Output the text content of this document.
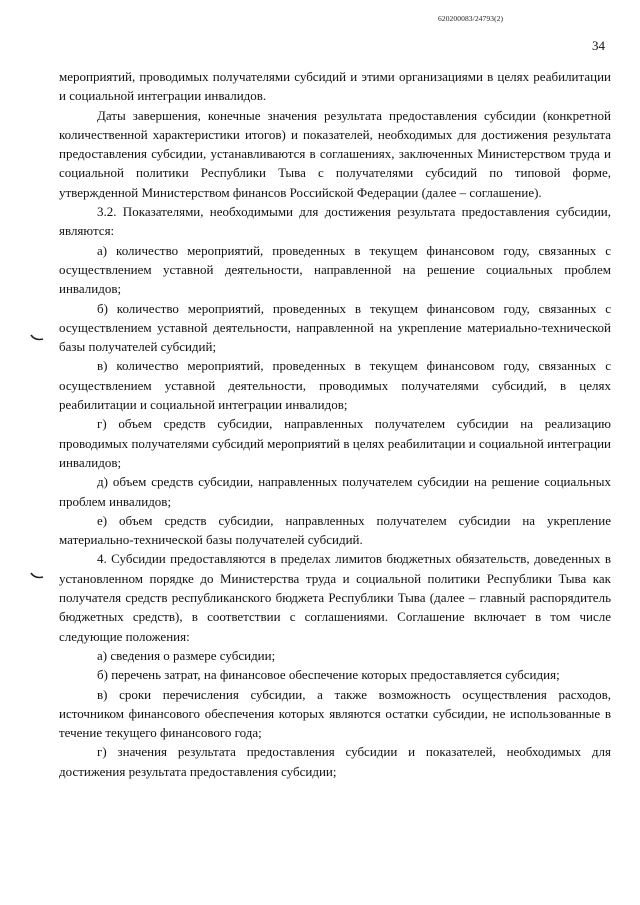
620200083/24793(2)
34

мероприятий, проводимых получателями субсидий и этими организациями в целях реабилитации и социальной интеграции инвалидов.

Даты завершения, конечные значения результата предоставления субсидии (конкретной количественной характеристики итогов) и показателей, необходимых для достижения результата предоставления субсидии, устанавливаются в соглашениях, заключенных Министерством труда и социальной политики Республики Тыва с получателями субсидий по типовой форме, утвержденной Министерством финансов Российской Федерации (далее – соглашение).

3.2. Показателями, необходимыми для достижения результата предоставления субсидии, являются:

а) количество мероприятий, проведенных в текущем финансовом году, связанных с осуществлением уставной деятельности, направленной на решение социальных проблем инвалидов;

б) количество мероприятий, проведенных в текущем финансовом году, связанных с осуществлением уставной деятельности, направленной на укрепление материально-технической базы получателей субсидий;

в) количество мероприятий, проведенных в текущем финансовом году, связанных с осуществлением уставной деятельности, проводимых получателями субсидий, в целях реабилитации и социальной интеграции инвалидов;

г) объем средств субсидии, направленных получателем субсидии на реализацию проводимых получателями субсидий мероприятий в целях реабилитации и социальной интеграции инвалидов;

д) объем средств субсидии, направленных получателем субсидии на решение социальных проблем инвалидов;

е) объем средств субсидии, направленных получателем субсидии на укрепление материально-технической базы получателей субсидий.

4. Субсидии предоставляются в пределах лимитов бюджетных обязательств, доведенных в установленном порядке до Министерства труда и социальной политики Республики Тыва как получателя средств республиканского бюджета Республики Тыва (далее – главный распорядитель бюджетных средств), в соответствии с соглашениями. Соглашение включает в том числе следующие положения:

а) сведения о размере субсидии;

б) перечень затрат, на финансовое обеспечение которых предоставляется субсидия;

в) сроки перечисления субсидии, а также возможность осуществления расходов, источником финансового обеспечения которых являются остатки субсидии, не использованные в течение текущего финансового года;

г) значения результата предоставления субсидии и показателей, необходимых для достижения результата предоставления субсидии;
